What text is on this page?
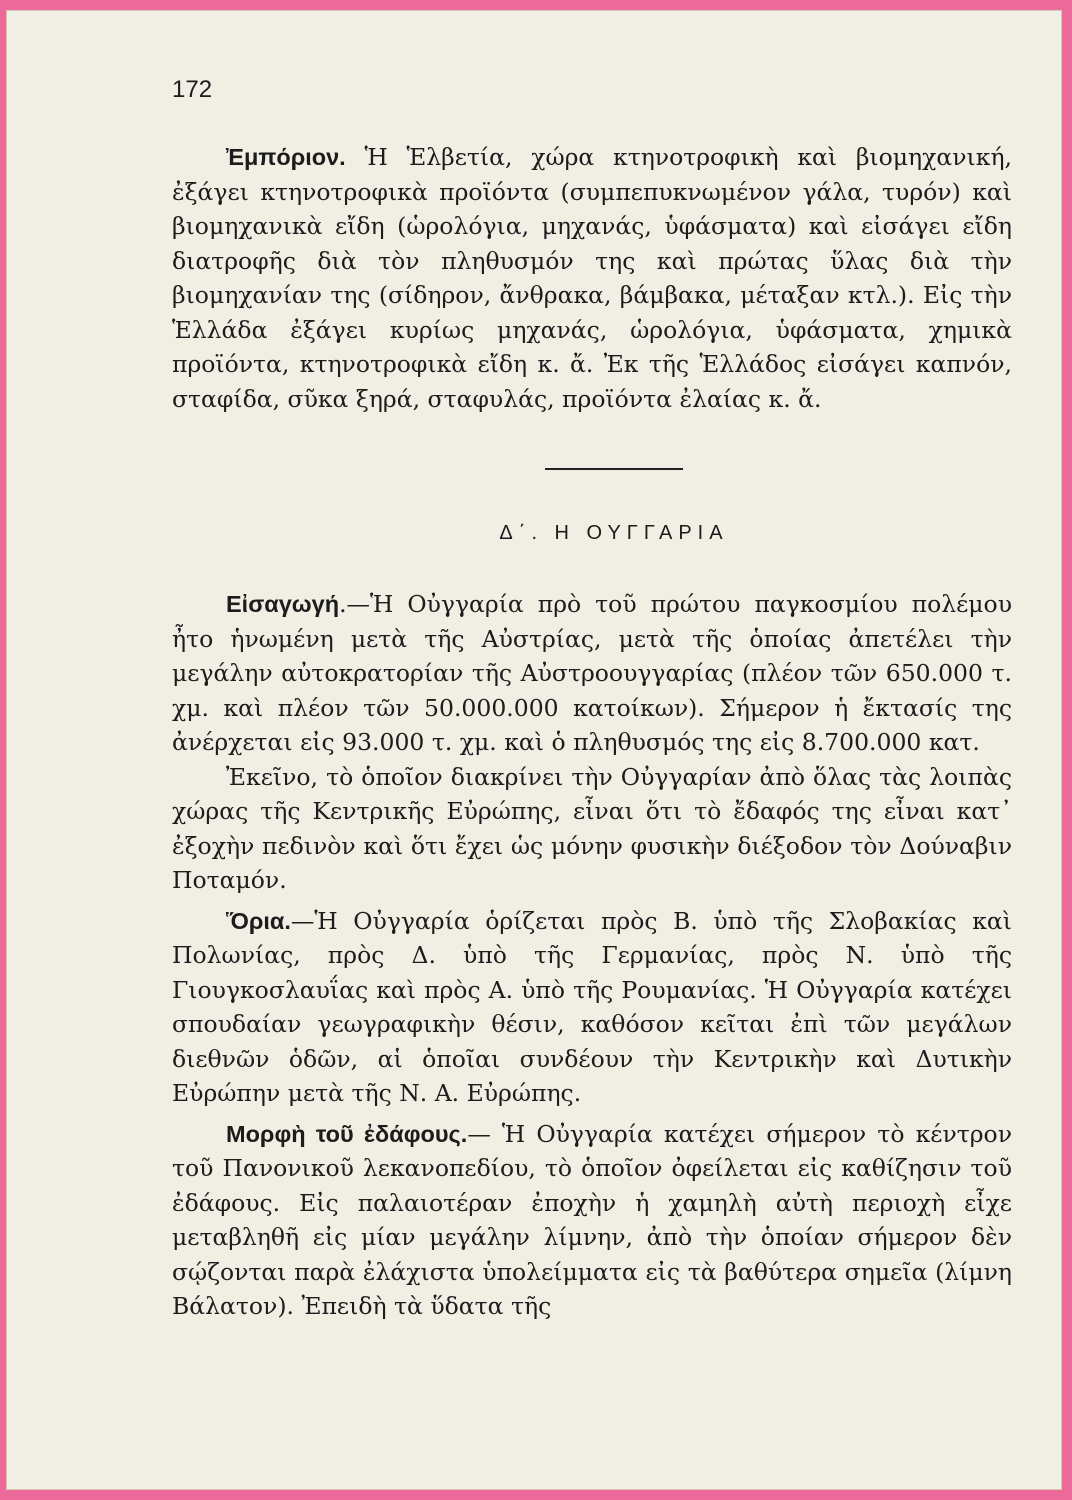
172

Ἐμπόριον. Ἡ Ἑλβετία, χώρα κτηνοτροφικὴ καὶ βιομηχανική, ἐξάγει κτηνοτροφικὰ προϊόντα (συμπεπυκνωμένον γάλα, τυρόν) καὶ βιομηχανικὰ εἴδη (ὡρολόγια, μηχανάς, ὑφάσματα) καὶ εἰσάγει εἴδη διατροφῆς διὰ τὸν πληθυσμόν της καὶ πρώτας ὕλας διὰ τὴν βιομηχανίαν της (σίδηρον, ἄνθρακα, βάμβακα, μέταξαν κτλ.). Εἰς τὴν Ἑλλάδα ἐξάγει κυρίως μηχανάς, ὡρολόγια, ὑφάσματα, χημικὰ προϊόντα, κτηνοτροφικὰ εἴδη κ. ἄ. Ἐκ τῆς Ἑλλάδος εἰσάγει καπνόν, σταφίδα, σῦκα ξηρά, σταφυλάς, προϊόντα ἐλαίας κ. ἄ.

Δ΄. Η ΟΥΓΓΑΡΙΑ

Εἰσαγωγή.—Ἡ Οὐγγαρία πρὸ τοῦ πρώτου παγκοσμίου πολέμου ἦτο ἡνωμένη μετὰ τῆς Αὐστρίας, μετὰ τῆς ὁποίας ἀπετέλει τὴν μεγάλην αὐτοκρατορίαν τῆς Αὐστροουγγαρίας (πλέον τῶν 650.000 τ. χμ. καὶ πλέον τῶν 50.000.000 κατοίκων). Σήμερον ἡ ἔκτασίς της ἀνέρχεται εἰς 93.000 τ. χμ. καὶ ὁ πληθυσμός της εἰς 8.700.000 κατ.

Ἐκεῖνο, τὸ ὁποῖον διακρίνει τὴν Οὐγγαρίαν ἀπὸ ὅλας τὰς λοιπὰς χώρας τῆς Κεντρικῆς Εὐρώπης, εἶναι ὅτι τὸ ἔδαφός της εἶναι κατ᾽ ἐξοχὴν πεδινὸν καὶ ὅτι ἔχει ὡς μόνην φυσικὴν διέξοδον τὸν Δούναβιν Ποταμόν.

Ὅρια.—Ἡ Οὐγγαρία ὁρίζεται πρὸς Β. ὑπὸ τῆς Σλοβακίας καὶ Πολωνίας, πρὸς Δ. ὑπὸ τῆς Γερμανίας, πρὸς Ν. ὑπὸ τῆς Γιουγκοσλαυΐας καὶ πρὸς Α. ὑπὸ τῆς Ρουμανίας. Ἡ Οὐγγαρία κατέχει σπουδαίαν γεωγραφικὴν θέσιν, καθόσον κεῖται ἐπὶ τῶν μεγάλων διεθνῶν ὁδῶν, αἱ ὁποῖαι συνδέουν τὴν Κεντρικὴν καὶ Δυτικὴν Εὐρώπην μετὰ τῆς Ν. Α. Εὐρώπης.

Μορφὴ τοῦ ἐδάφους.— Ἡ Οὐγγαρία κατέχει σήμερον τὸ κέντρον τοῦ Πανονικοῦ λεκανοπεδίου, τὸ ὁποῖον ὀφείλεται εἰς καθίζησιν τοῦ ἐδάφους. Εἰς παλαιοτέραν ἐποχὴν ἡ χαμηλὴ αὐτὴ περιοχὴ εἶχε μεταβληθῆ εἰς μίαν μεγάλην λίμνην, ἀπὸ τὴν ὁποίαν σήμερον δὲν σῴζονται παρὰ ἐλάχιστα ὑπολείμματα εἰς τὰ βαθύτερα σημεῖα (λίμνη Βάλατον). Ἐπειδὴ τὰ ὕδατα τῆς
